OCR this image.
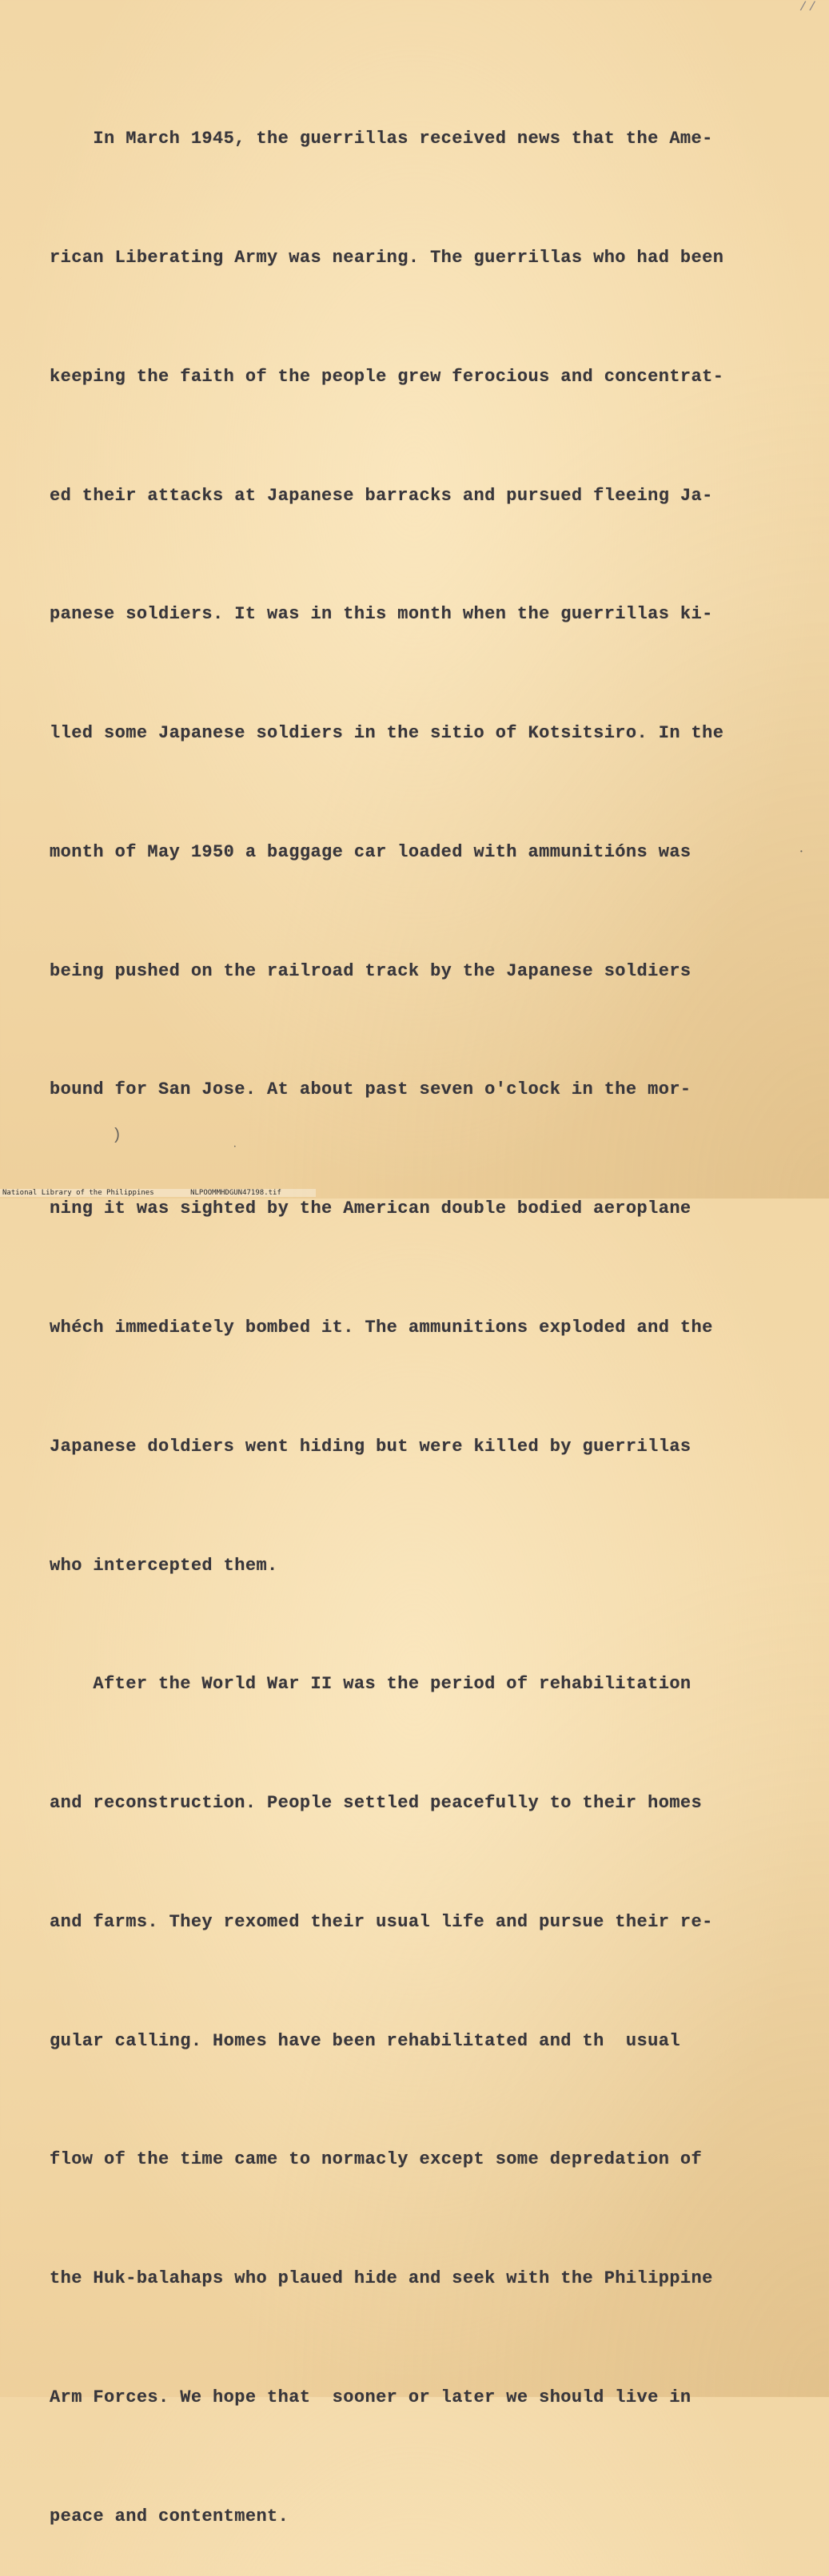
//

In March 1945, the guerrillas received news that the Ame-

rican Liberating Army was nearing. The guerrillas who had been

keeping the faith of the people grew ferocious and concentrat-

ed their attacks at Japanese barracks and pursued fleeing Ja-

panese soldiers. It was in this month when the guerrillas ki-

lled some Japanese soldiers in the sitio of Kotsitsiro. In the

month of May 1950 a baggage car loaded with ammunitións was

being pushed on the railroad track by the Japanese soldiers

bound for San Jose. At about past seven o'clock in the mor-

ning it was sighted by the American double bodied aeroplane

whéch immediately bombed it. The ammunitions exploded and the

Japanese doldiers went hiding but were killed by guerrillas

who intercepted them.

After the World War II was the period of rehabilitation

and reconstruction. People settled peacefully to their homes

and farms. They rexomed their usual life and pursue their re-

gular calling. Homes have been rehabilitated and th  usual

flow of the time came to normacly except some depredation of

the Huk-balahaps who plaued hide and seek with the Philippine

Arm Forces. We hope that  sooner or later we should live in

peace and contentment.

)
•
•
National Library of the Philippines	NLPOOMMHDGUN47198.tif
